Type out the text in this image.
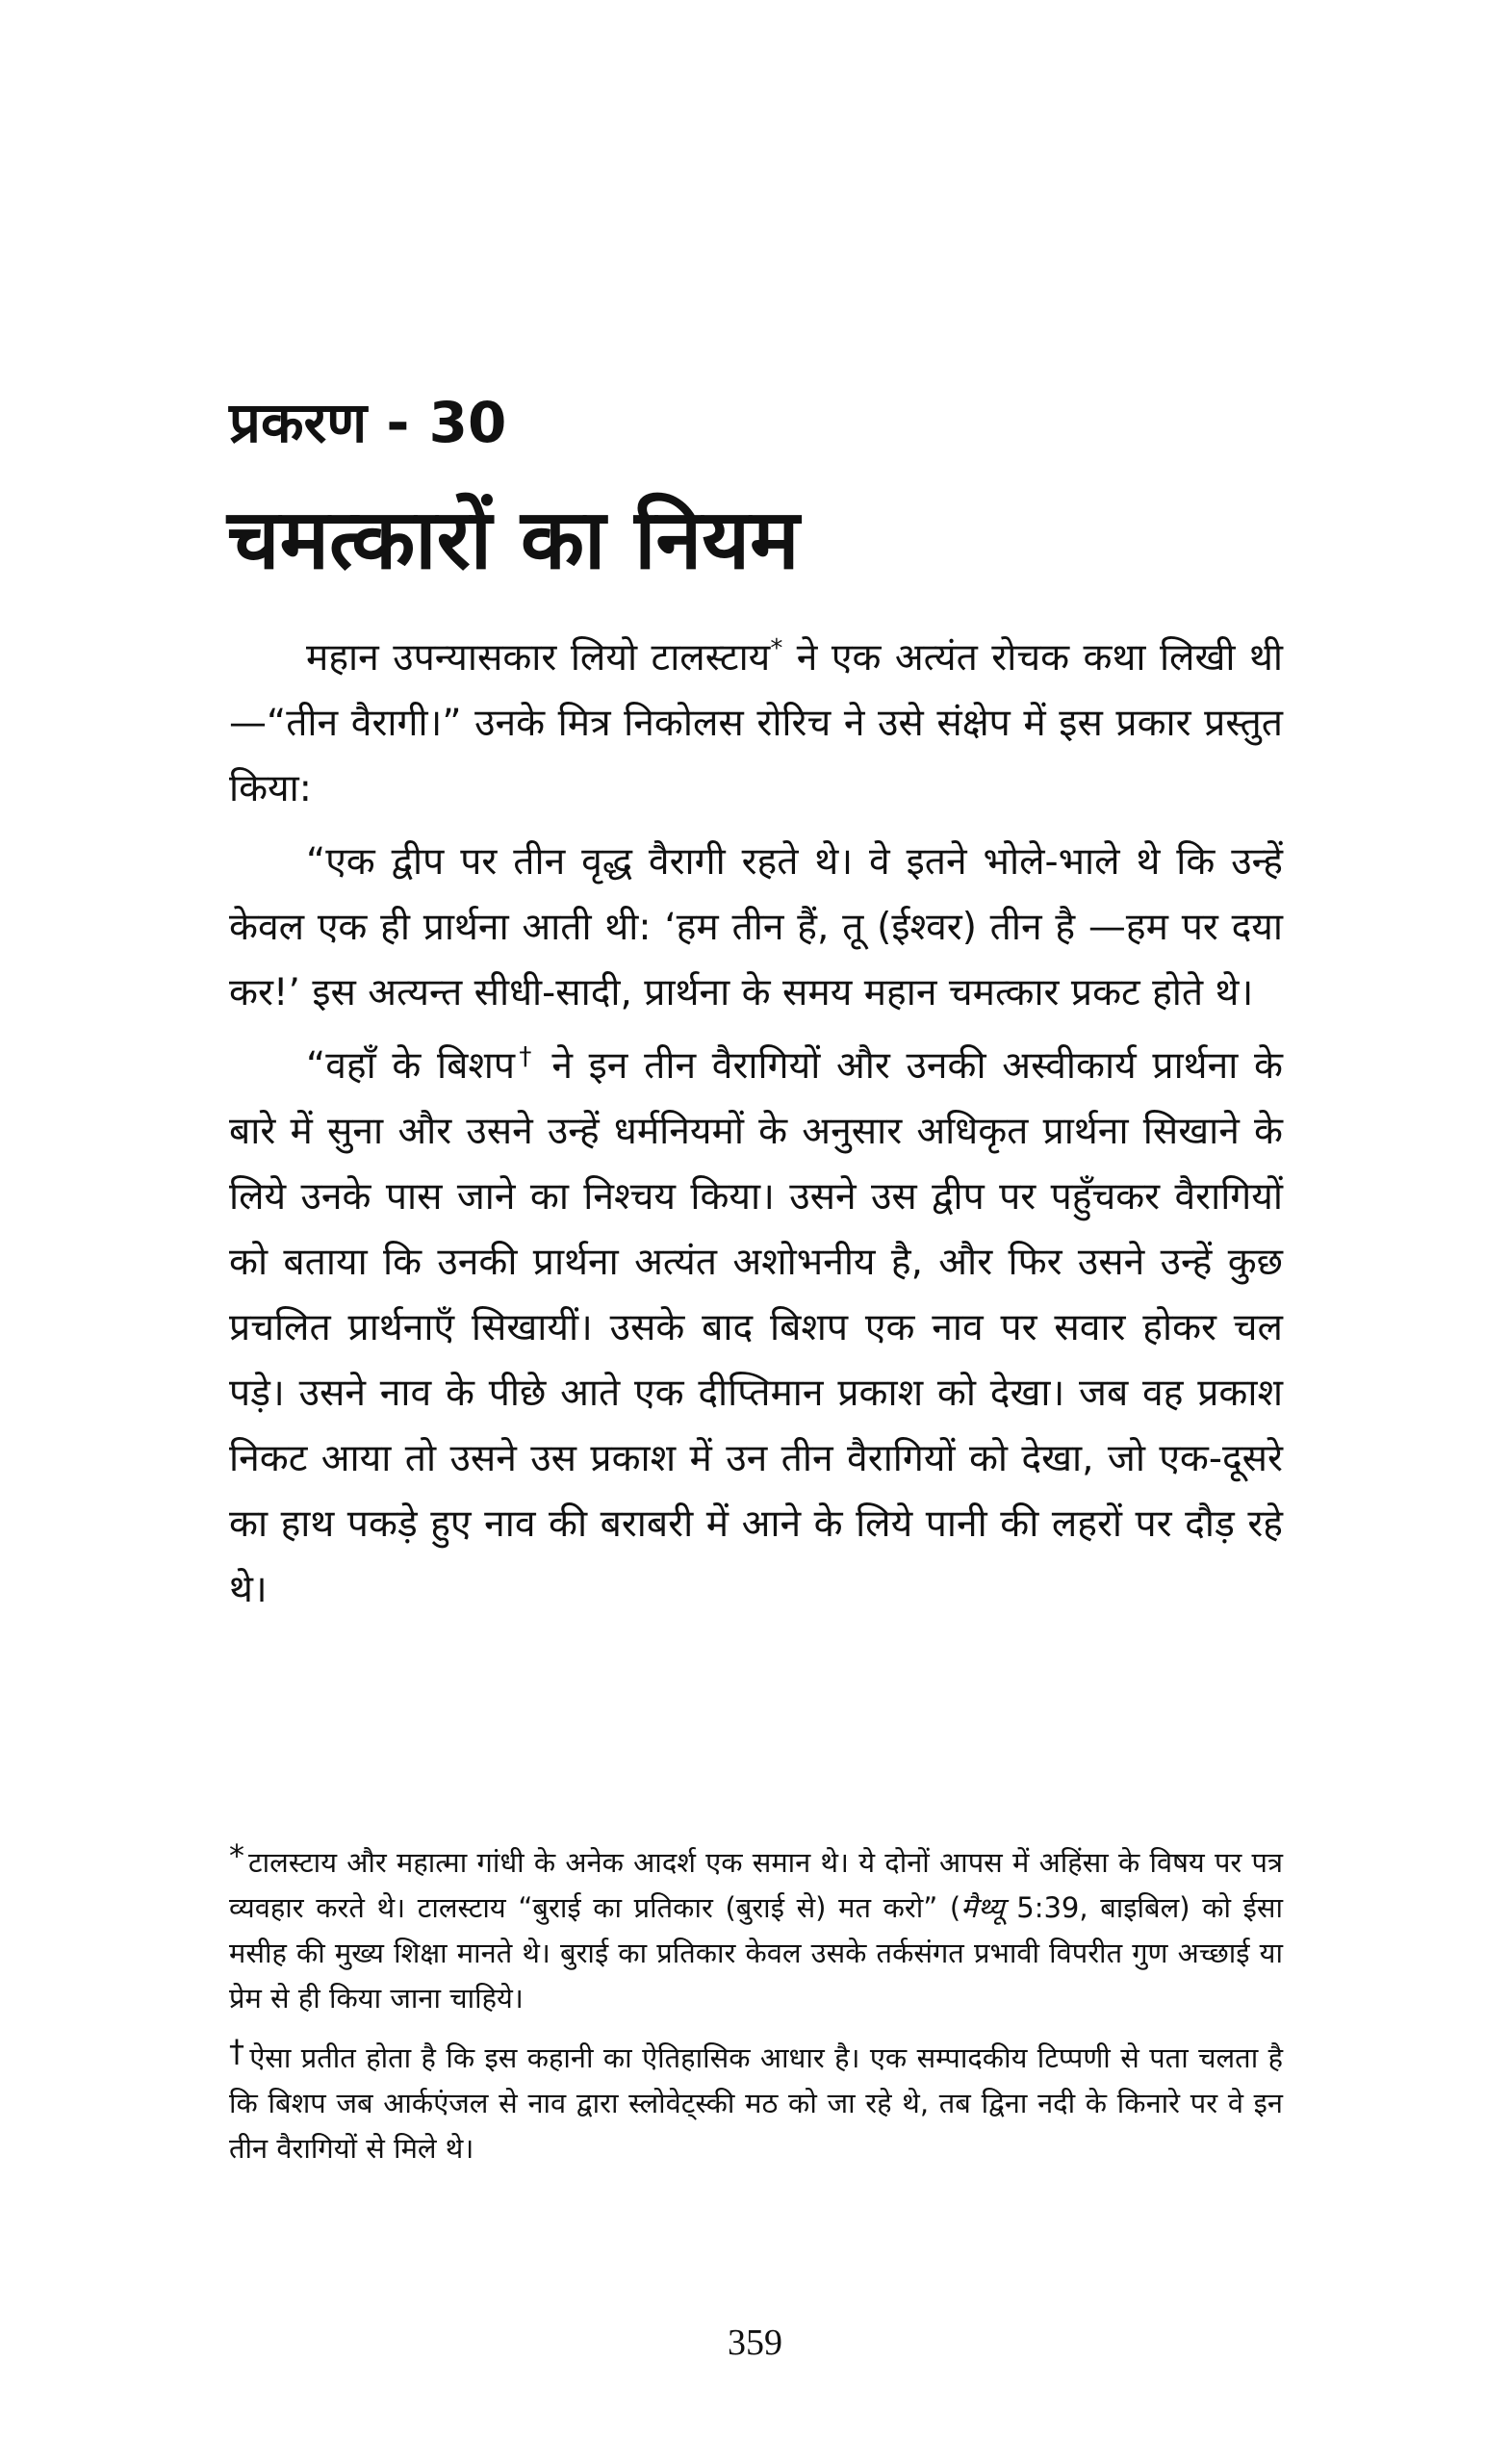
प्रकरण - 30
चमत्कारों का नियम

महान उपन्यासकार लियो टालस्टाय* ने एक अत्यंत रोचक कथा लिखी थी—“तीन वैरागी।” उनके मित्र निकोलस रोरिच ने उसे संक्षेप में इस प्रकार प्रस्तुत किया:

“एक द्वीप पर तीन वृद्ध वैरागी रहते थे। वे इतने भोले-भाले थे कि उन्हें केवल एक ही प्रार्थना आती थी: ‘हम तीन हैं, तू (ईश्वर) तीन है —हम पर दया कर!’ इस अत्यन्त सीधी-सादी, प्रार्थना के समय महान चमत्कार प्रकट होते थे।

“वहाँ के बिशप† ने इन तीन वैरागियों और उनकी अस्वीकार्य प्रार्थना के बारे में सुना और उसने उन्हें धर्मनियमों के अनुसार अधिकृत प्रार्थना सिखाने के लिये उनके पास जाने का निश्चय किया। उसने उस द्वीप पर पहुँचकर वैरागियों को बताया कि उनकी प्रार्थना अत्यंत अशोभनीय है, और फिर उसने उन्हें कुछ प्रचलित प्रार्थनाएँ सिखायीं। उसके बाद बिशप एक नाव पर सवार होकर चल पड़े। उसने नाव के पीछे आते एक दीप्तिमान प्रकाश को देखा। जब वह प्रकाश निकट आया तो उसने उस प्रकाश में उन तीन वैरागियों को देखा, जो एक-दूसरे का हाथ पकड़े हुए नाव की बराबरी में आने के लिये पानी की लहरों पर दौड़ रहे थे।

* टालस्टाय और महात्मा गांधी के अनेक आदर्श एक समान थे। ये दोनों आपस में अहिंसा के विषय पर पत्र व्यवहार करते थे। टालस्टाय “बुराई का प्रतिकार (बुराई से) मत करो” (मैथ्यू 5:39, बाइबिल) को ईसा मसीह की मुख्य शिक्षा मानते थे। बुराई का प्रतिकार केवल उसके तर्कसंगत प्रभावी विपरीत गुण अच्छाई या प्रेम से ही किया जाना चाहिये।

† ऐसा प्रतीत होता है कि इस कहानी का ऐतिहासिक आधार है। एक सम्पादकीय टिप्पणी से पता चलता है कि बिशप जब आर्कएंजल से नाव द्वारा स्लोवेट्स्की मठ को जा रहे थे, तब द्विना नदी के किनारे पर वे इन तीन वैरागियों से मिले थे।

359
